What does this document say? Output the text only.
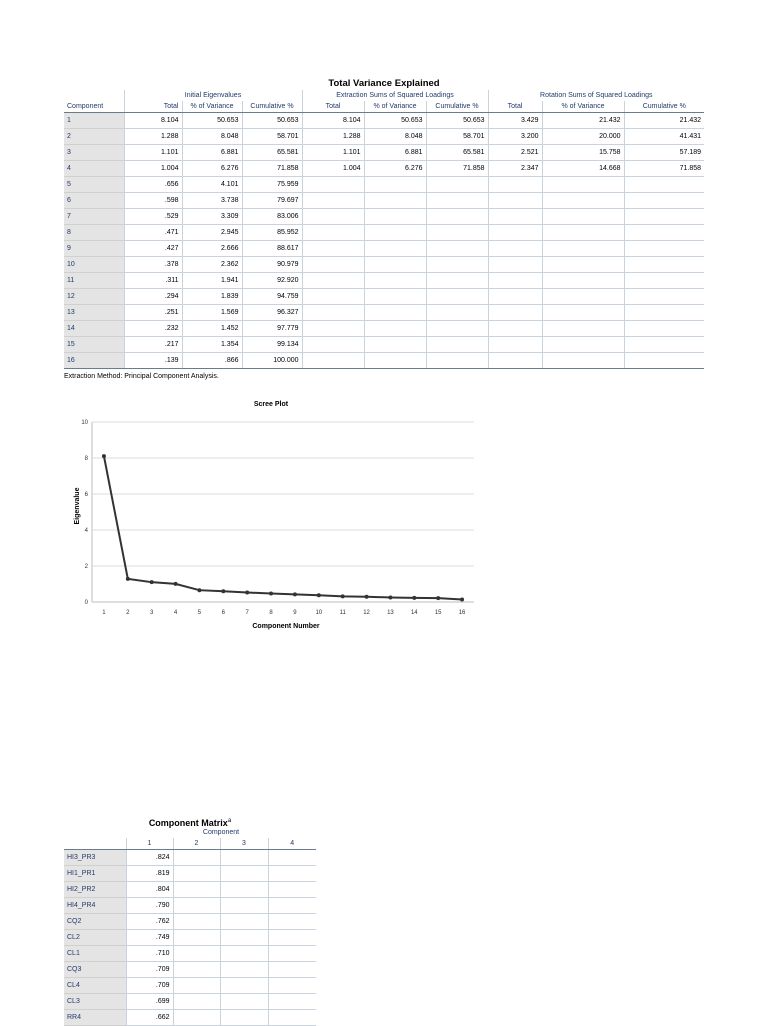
Total Variance Explained
	Initial Eigenvalues			Extraction Sums of Squared Loadings			Rotation Sums of Squared Loadings		
Component	Total	% of Variance	Cumulative %	Total	% of Variance	Cumulative %	Total	% of Variance	Cumulative %
1	8.104	50.653	50.653	8.104	50.653	50.653	3.429	21.432	21.432
2	1.288	8.048	58.701	1.288	8.048	58.701	3.200	20.000	41.431
3	1.101	6.881	65.581	1.101	6.881	65.581	2.521	15.758	57.189
4	1.004	6.276	71.858	1.004	6.276	71.858	2.347	14.668	71.858
5	.656	4.101	75.959						
6	.598	3.738	79.697						
7	.529	3.309	83.006						
8	.471	2.945	85.952						
9	.427	2.666	88.617						
10	.378	2.362	90.979						
11	.311	1.941	92.920						
12	.294	1.839	94.759						
13	.251	1.569	96.327						
14	.232	1.452	97.779						
15	.217	1.354	99.134						
16	.139	.866	100.000						
Extraction Method: Principal Component Analysis.
Scree Plot
Component Number
Eigenvalue
0
2
4
6
8
10
1	2	3	4	5	6	7	8	9	10	11	12	13	14	15	16
Component Matrix$^a$
	Component			
	1	2	3	4
HI3_PR3	.824			
HI1_PR1	.819			
HI2_PR2	.804			
HI4_PR4	.790			
CQ2	.762			
CL2	.749			
CL1	.710			
CQ3	.709			
CL4	.709			
CL3	.699			
RR4	.662			
